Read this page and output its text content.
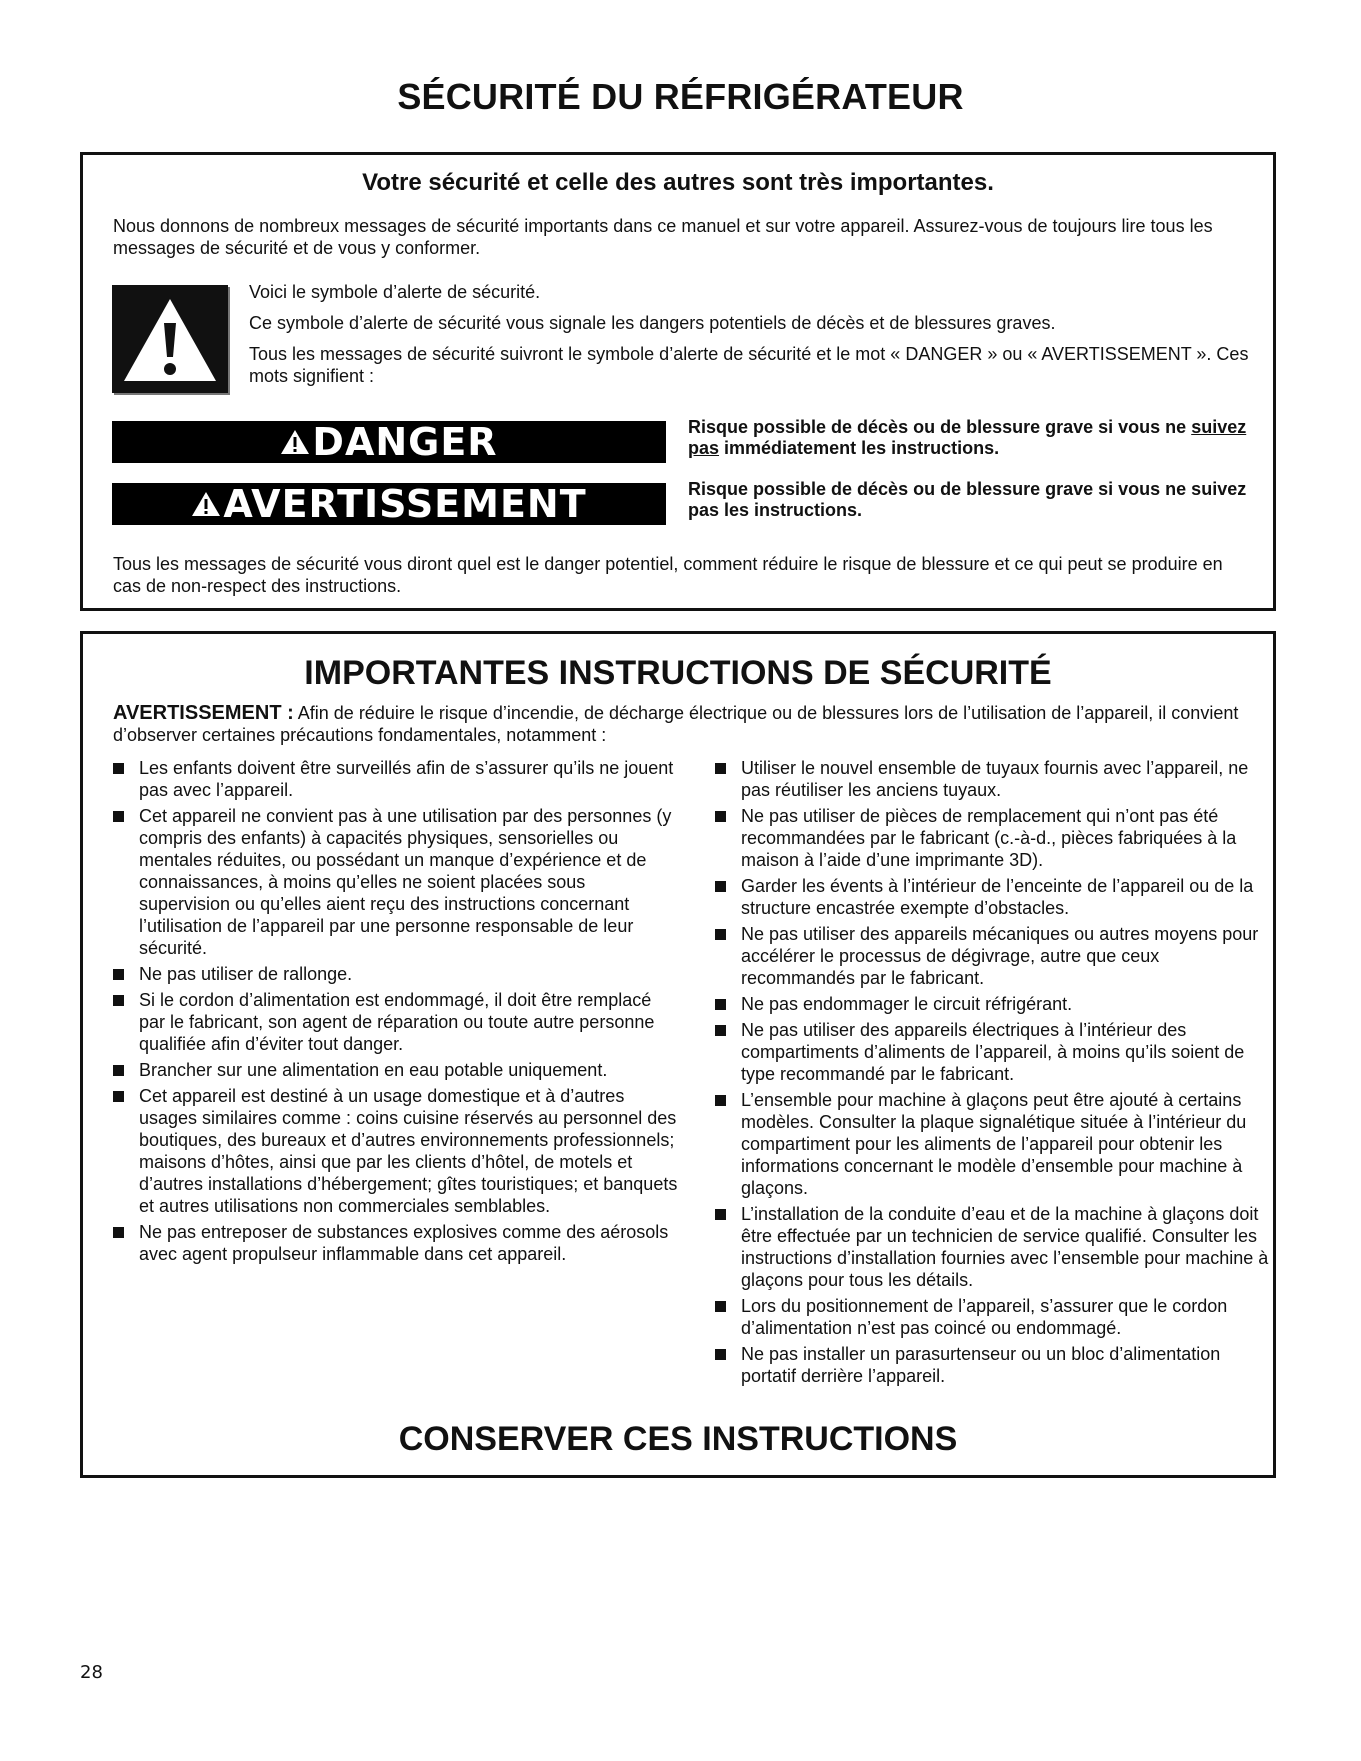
SÉCURITÉ DU RÉFRIGÉRATEUR
Votre sécurité et celle des autres sont très importantes.

Nous donnons de nombreux messages de sécurité importants dans ce manuel et sur votre appareil. Assurez-vous de toujours lire tous les messages de sécurité et de vous y conformer.

Voici le symbole d’alerte de sécurité.

Ce symbole d’alerte de sécurité vous signale les dangers potentiels de décès et de blessures graves.

Tous les messages de sécurité suivront le symbole d’alerte de sécurité et le mot « DANGER » ou « AVERTISSEMENT ». Ces mots signifient :

DANGER	Risque possible de décès ou de blessure grave si vous ne suivez pas immédiatement les instructions.
AVERTISSEMENT	Risque possible de décès ou de blessure grave si vous ne suivez pas les instructions.

Tous les messages de sécurité vous diront quel est le danger potentiel, comment réduire le risque de blessure et ce qui peut se produire en cas de non-respect des instructions.

IMPORTANTES INSTRUCTIONS DE SÉCURITÉ

AVERTISSEMENT : Afin de réduire le risque d’incendie, de décharge électrique ou de blessures lors de l’utilisation de l’appareil, il convient d’observer certaines précautions fondamentales, notamment :

Les enfants doivent être surveillés afin de s’assurer qu’ils ne jouent pas avec l’appareil.
Cet appareil ne convient pas à une utilisation par des personnes (y compris des enfants) à capacités physiques, sensorielles ou mentales réduites, ou possédant un manque d’expérience et de connaissances, à moins qu’elles ne soient placées sous supervision ou qu’elles aient reçu des instructions concernant l’utilisation de l’appareil par une personne responsable de leur sécurité.
Ne pas utiliser de rallonge.
Si le cordon d’alimentation est endommagé, il doit être remplacé par le fabricant, son agent de réparation ou toute autre personne qualifiée afin d’éviter tout danger.
Brancher sur une alimentation en eau potable uniquement.
Cet appareil est destiné à un usage domestique et à d’autres usages similaires comme : coins cuisine réservés au personnel des boutiques, des bureaux et d’autres environnements professionnels; maisons d’hôtes, ainsi que par les clients d’hôtel, de motels et d’autres installations d’hébergement; gîtes touristiques; et banquets et autres utilisations non commerciales semblables.
Ne pas entreposer de substances explosives comme des aérosols avec agent propulseur inflammable dans cet appareil.
Utiliser le nouvel ensemble de tuyaux fournis avec l’appareil, ne pas réutiliser les anciens tuyaux.
Ne pas utiliser de pièces de remplacement qui n’ont pas été recommandées par le fabricant (c.-à-d., pièces fabriquées à la maison à l’aide d’une imprimante 3D).
Garder les évents à l’intérieur de l’enceinte de l’appareil ou de la structure encastrée exempte d’obstacles.
Ne pas utiliser des appareils mécaniques ou autres moyens pour accélérer le processus de dégivrage, autre que ceux recommandés par le fabricant.
Ne pas endommager le circuit réfrigérant.
Ne pas utiliser des appareils électriques à l’intérieur des compartiments d’aliments de l’appareil, à moins qu’ils soient de type recommandé par le fabricant.
L’ensemble pour machine à glaçons peut être ajouté à certains modèles. Consulter la plaque signalétique située à l’intérieur du compartiment pour les aliments de l’appareil pour obtenir les informations concernant le modèle d’ensemble pour machine à glaçons.
L’installation de la conduite d’eau et de la machine à glaçons doit être effectuée par un technicien de service qualifié. Consulter les instructions d’installation fournies avec l’ensemble pour machine à glaçons pour tous les détails.
Lors du positionnement de l’appareil, s’assurer que le cordon d’alimentation n’est pas coincé ou endommagé.
Ne pas installer un parasurtenseur ou un bloc d’alimentation portatif derrière l’appareil.
CONSERVER CES INSTRUCTIONS
28
